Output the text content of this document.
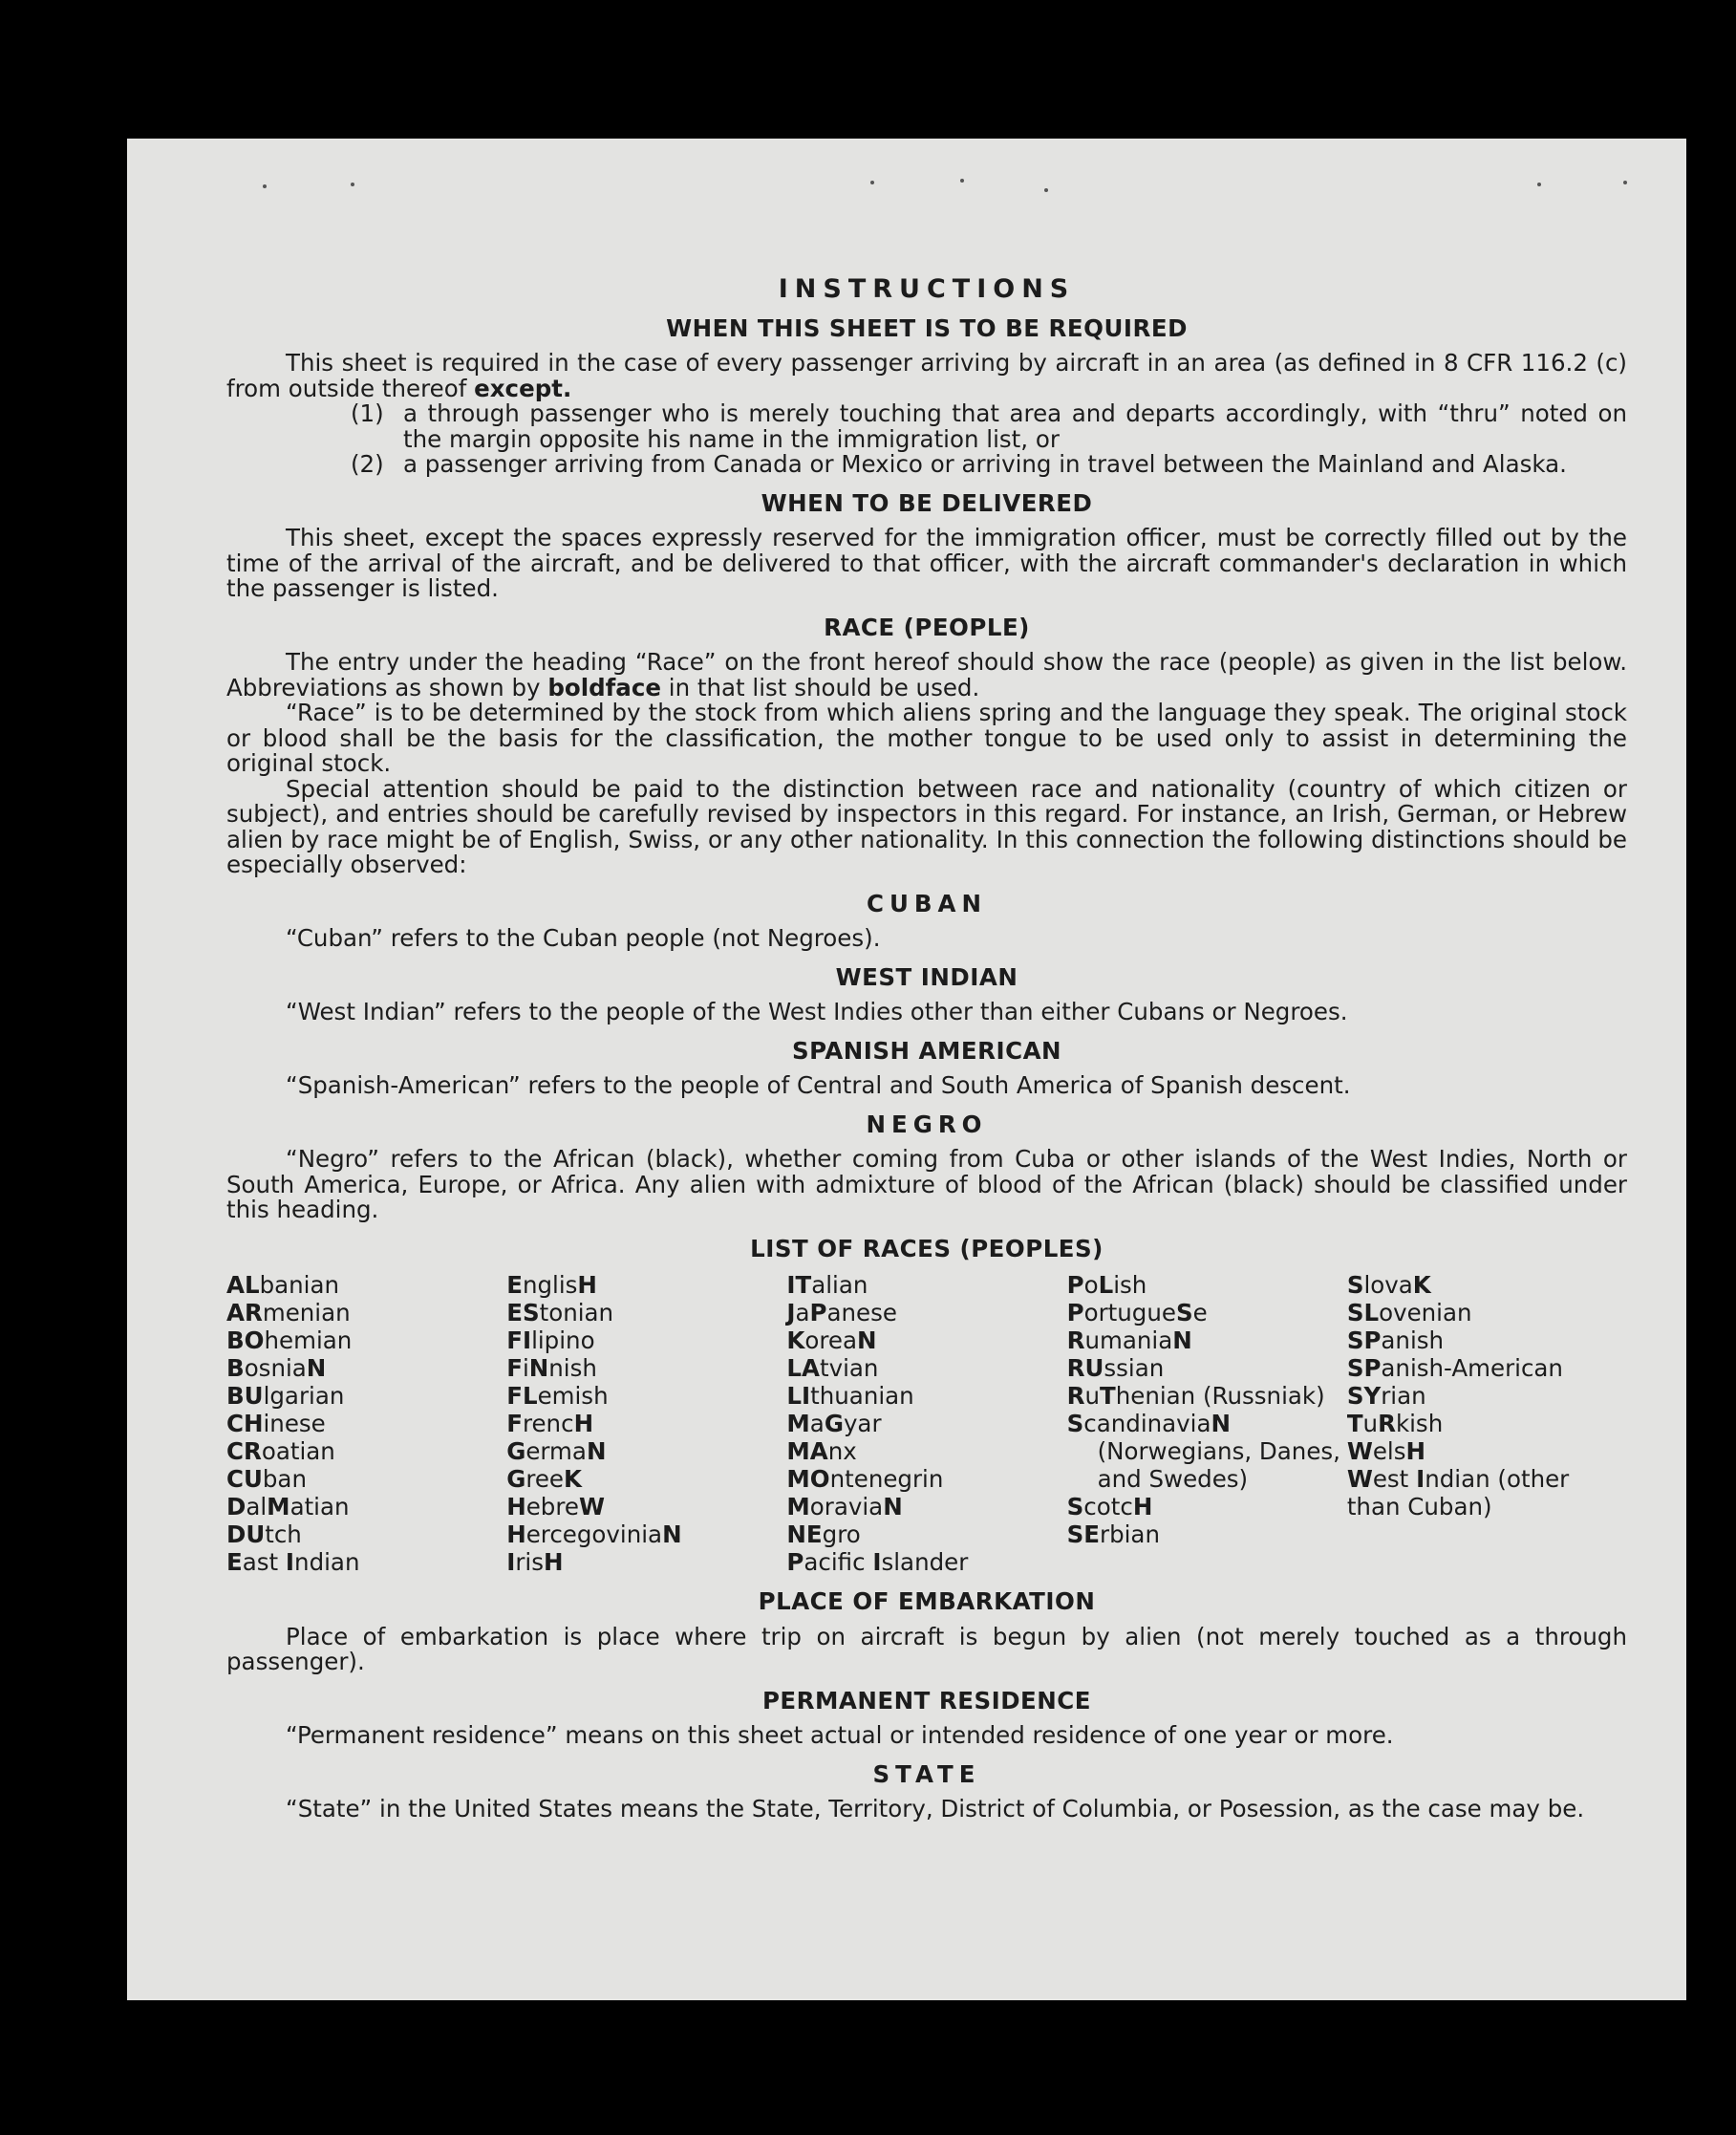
INSTRUCTIONS
WHEN THIS SHEET IS TO BE REQUIRED

This sheet is required in the case of every passenger arriving by aircraft in an area (as defined in 8 CFR 116.2 (c) from outside thereof except.

(1) a through passenger who is merely touching that area and departs accordingly, with “thru” noted on the margin opposite his name in the immigration list, or
(2) a passenger arriving from Canada or Mexico or arriving in travel between the Mainland and Alaska.
WHEN TO BE DELIVERED

This sheet, except the spaces expressly reserved for the immigration officer, must be correctly filled out by the time of the arrival of the aircraft, and be delivered to that officer, with the aircraft commander's declaration in which the passenger is listed.

RACE (PEOPLE)

The entry under the heading “Race” on the front hereof should show the race (people) as given in the list below. Abbreviations as shown by boldface in that list should be used.

“Race” is to be determined by the stock from which aliens spring and the language they speak. The original stock or blood shall be the basis for the classification, the mother tongue to be used only to assist in determining the original stock.

Special attention should be paid to the distinction between race and nationality (country of which citizen or subject), and entries should be carefully revised by inspectors in this regard. For instance, an Irish, German, or Hebrew alien by race might be of English, Swiss, or any other nationality. In this connection the following distinctions should be especially observed:

CUBAN

“Cuban” refers to the Cuban people (not Negroes).

WEST INDIAN

“West Indian” refers to the people of the West Indies other than either Cubans or Negroes.

SPANISH AMERICAN

“Spanish-American” refers to the people of Central and South America of Spanish descent.

NEGRO

“Negro” refers to the African (black), whether coming from Cuba or other islands of the West Indies, North or South America, Europe, or Africa. Any alien with admixture of blood of the African (black) should be classified under this heading.

LIST OF RACES (PEOPLES)
ALbanian
ARmenian
BOhemian
BosniaN
BUlgarian
CHinese
CRoatian
CUban
DalMatian
DUtch
East Indian
EnglisH
EStonian
FIlipino
FiNnish
FLemish
FrencH
GermaN
GreeK
HebreW
HercegoviniaN
IrisH
ITalian
JaPanese
KoreaN
LAtvian
LIthuanian
MaGyar
MAnx
MOntenegrin
MoraviaN
NEgro
Pacific Islander
PoLish
PortugueSe
RumaniaN
RUssian
RuThenian (Russniak)
ScandinaviaN
(Norwegians, Danes, and Swedes)
ScotcH
SErbian
SlovaK
SLovenian
SPanish
SPanish-American
SYrian
TuRkish
WelsH
West Indian (other than Cuban)
PLACE OF EMBARKATION

Place of embarkation is place where trip on aircraft is begun by alien (not merely touched as a through passenger).

PERMANENT RESIDENCE

“Permanent residence” means on this sheet actual or intended residence of one year or more.

STATE

“State” in the United States means the State, Territory, District of Columbia, or Posession, as the case may be.
